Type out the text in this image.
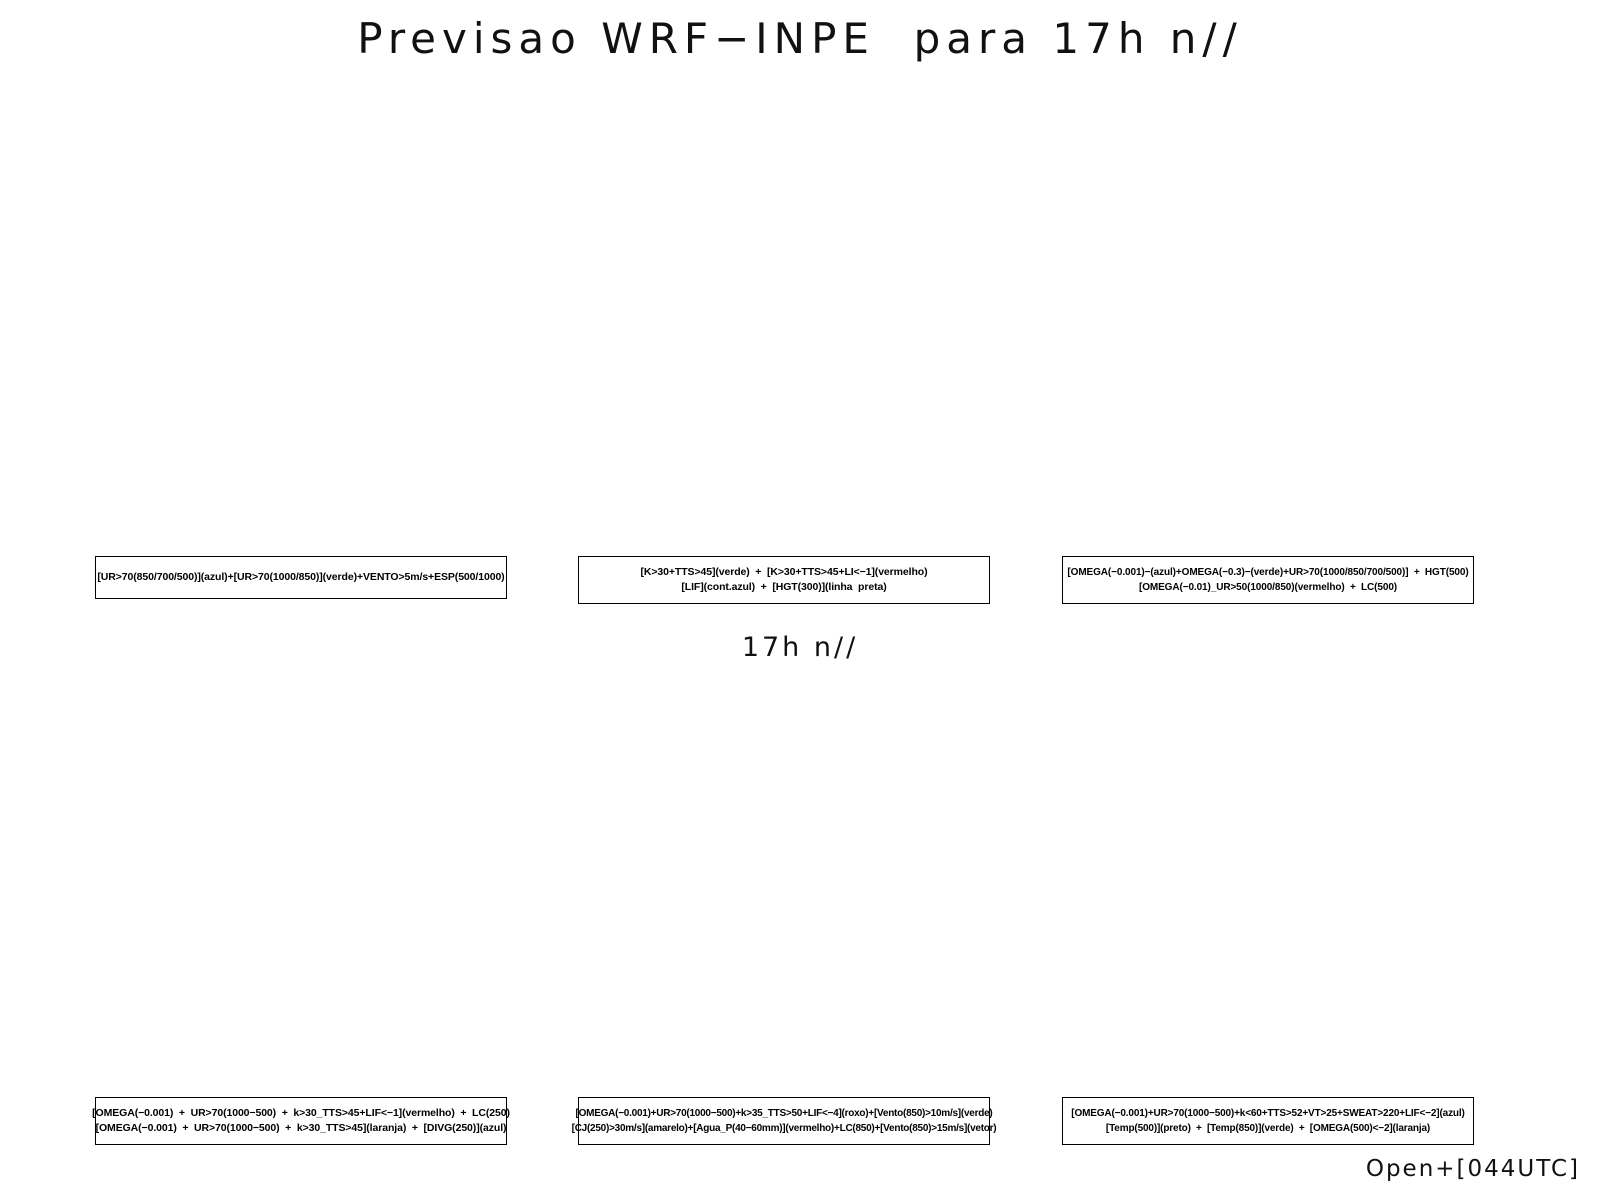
Previsao WRF−INPE  para 17h n//
[UR>70(850/700/500)](azul)+[UR>70(1000/850)](verde)+VENTO>5m/s+ESP(500/1000)	[K>30+TTS>45](verde)  +  [K>30+TTS>45+LI<−1](vermelho)
[LIF](cont.azul)  +  [HGT(300)](linha  preta)
[OMEGA(−0.001)−(azul)+OMEGA(−0.3)−(verde)+UR>70(1000/850/700/500)]  +  HGT(500)
[OMEGA(−0.01)_UR>50(1000/850)(vermelho)  +  LC(500)
17h n//
[OMEGA(−0.001)  +  UR>70(1000−500)  +  k>30_TTS>45+LIF<−1](vermelho)  +  LC(250)
[OMEGA(−0.001)  +  UR>70(1000−500)  +  k>30_TTS>45](laranja)  +  [DIVG(250)](azul)
[OMEGA(−0.001)+UR>70(1000−500)+k>35_TTS>50+LIF<−4](roxo)+[Vento(850)>10m/s](verde)
[CJ(250)>30m/s](amarelo)+[Agua_P(40−60mm)](vermelho)+LC(850)+[Vento(850)>15m/s](vetor)
[OMEGA(−0.001)+UR>70(1000−500)+k<60+TTS>52+VT>25+SWEAT>220+LIF<−2](azul)
[Temp(500)](preto)  +  [Temp(850)](verde)  +  [OMEGA(500)<−2](laranja)
Open+[044UTC]
